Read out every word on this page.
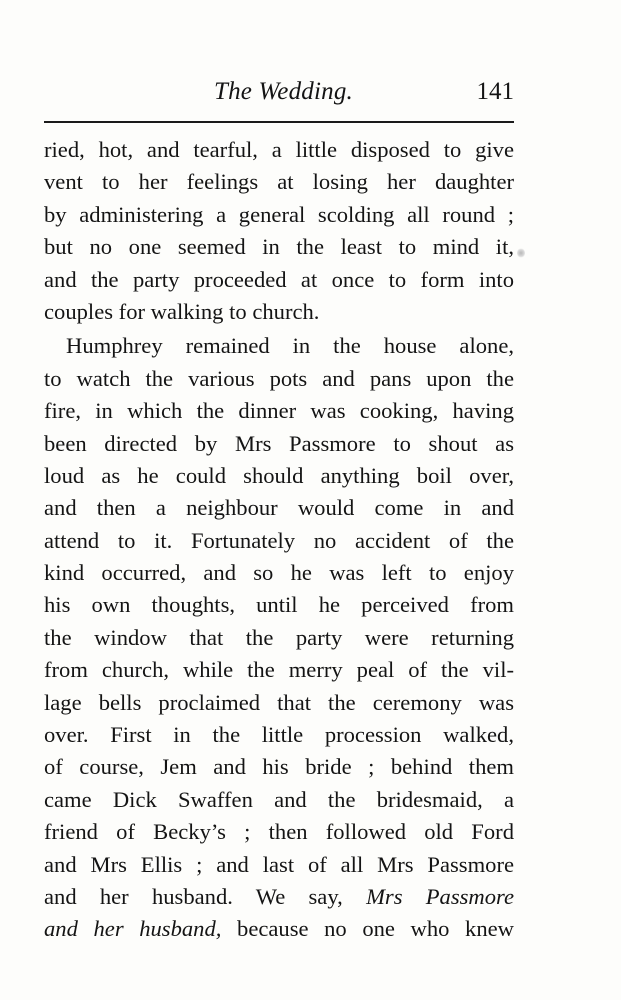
The Wedding.	141
ried, hot, and tearful, a little disposed to give
vent to her feelings at losing her daughter
by administering a general scolding all round ;
but no one seemed in the least to mind it,
and the party proceeded at once to form into
couples for walking to church.
Humphrey remained in the house alone,
to watch the various pots and pans upon the
fire, in which the dinner was cooking, having
been directed by Mrs Passmore to shout as
loud as he could should anything boil over,
and then a neighbour would come in and
attend to it. Fortunately no accident of the
kind occurred, and so he was left to enjoy
his own thoughts, until he perceived from
the window that the party were returning
from church, while the merry peal of the vil-
lage bells proclaimed that the ceremony was
over. First in the little procession walked,
of course, Jem and his bride ; behind them
came Dick Swaffen and the bridesmaid, a
friend of Becky’s ; then followed old Ford
and Mrs Ellis ; and last of all Mrs Passmore
and her husband. We say, Mrs Passmore
and her husband, because no one who knew
